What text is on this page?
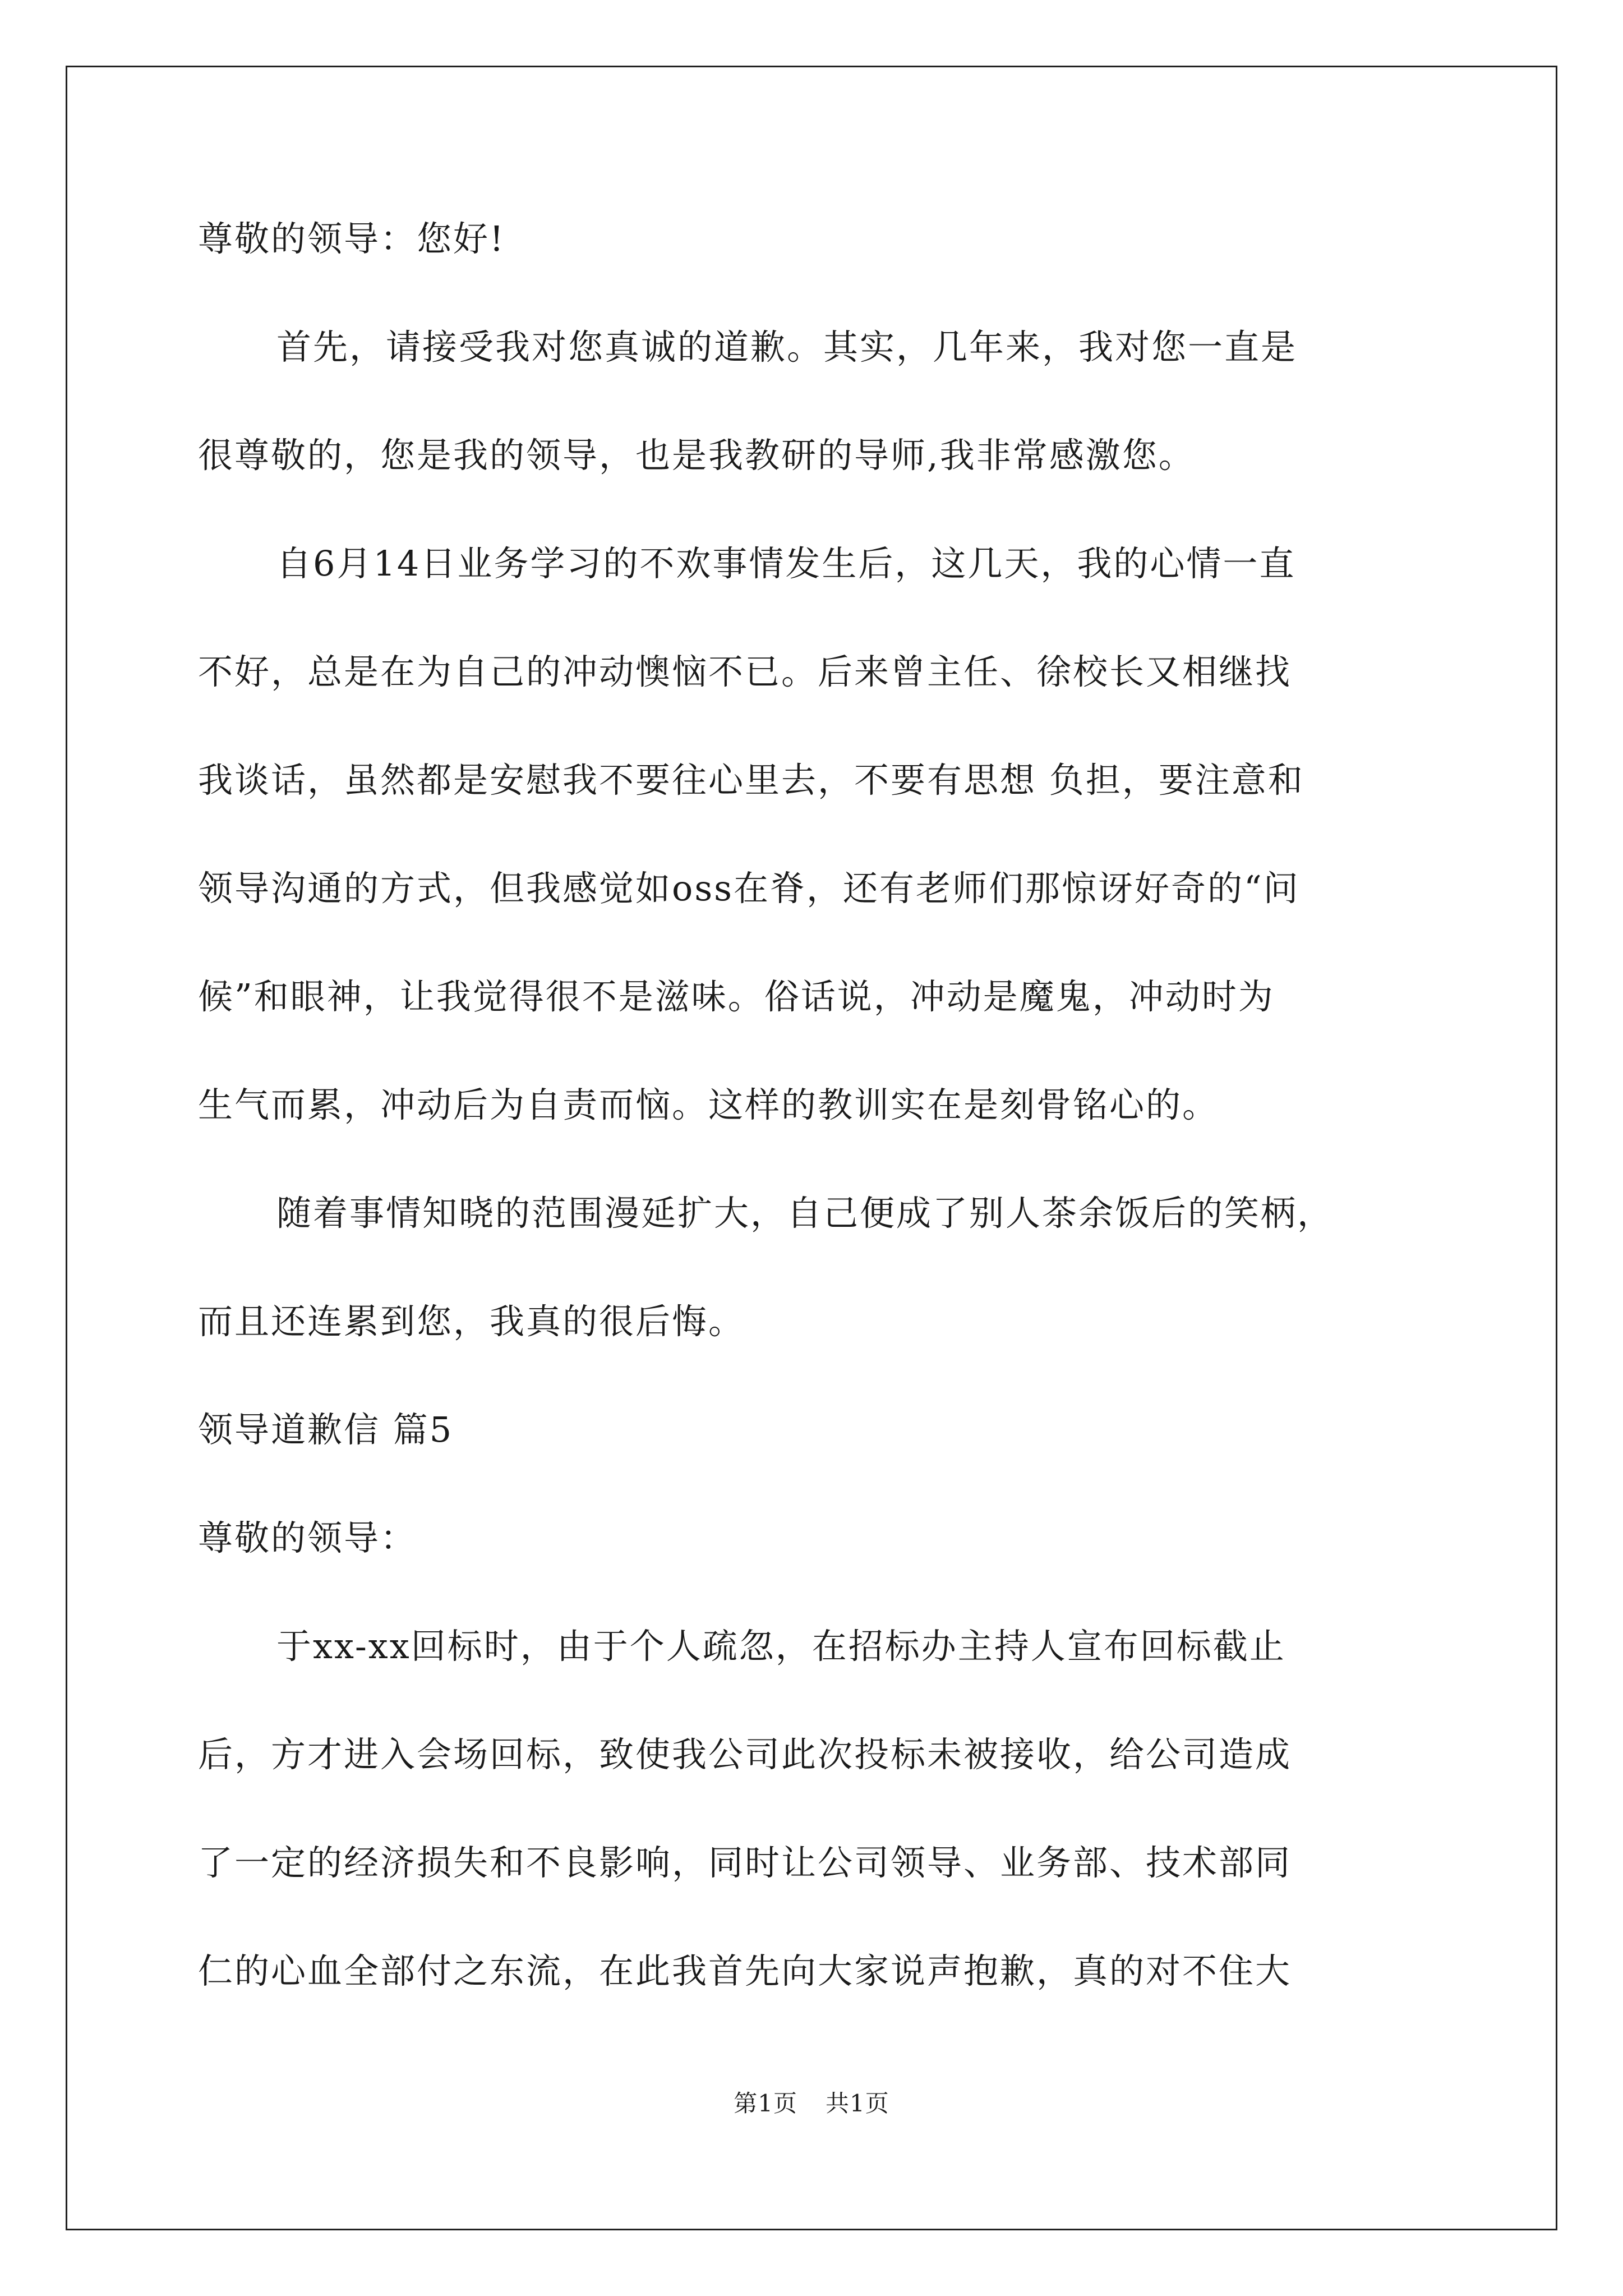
尊敬的领导：您好!
首先，请接受我对您真诚的道歉。其实，几年来，我对您一直是
很尊敬的，您是我的领导，也是我教研的导师,我非常感激您。
自6月14日业务学习的不欢事情发生后，这几天，我的心情一直
不好，总是在为自己的冲动懊恼不已。后来曾主任、徐校长又相继找
我谈话，虽然都是安慰我不要往心里去，不要有思想 负担，要注意和
领导沟通的方式，但我感觉如oss在脊，还有老师们那惊讶好奇的“问
候”和眼神，让我觉得很不是滋味。俗话说，冲动是魔鬼，冲动时为
生气而累，冲动后为自责而恼。这样的教训实在是刻骨铭心的。
随着事情知晓的范围漫延扩大，自己便成了别人茶余饭后的笑柄，
而且还连累到您，我真的很后悔。
领导道歉信 篇5
尊敬的领导：
于xx-xx回标时，由于个人疏忽，在招标办主持人宣布回标截止
后，方才进入会场回标，致使我公司此次投标未被接收，给公司造成
了一定的经济损失和不良影响，同时让公司领导、业务部、技术部同
仁的心血全部付之东流，在此我首先向大家说声抱歉，真的对不住大
第1页 共1页
